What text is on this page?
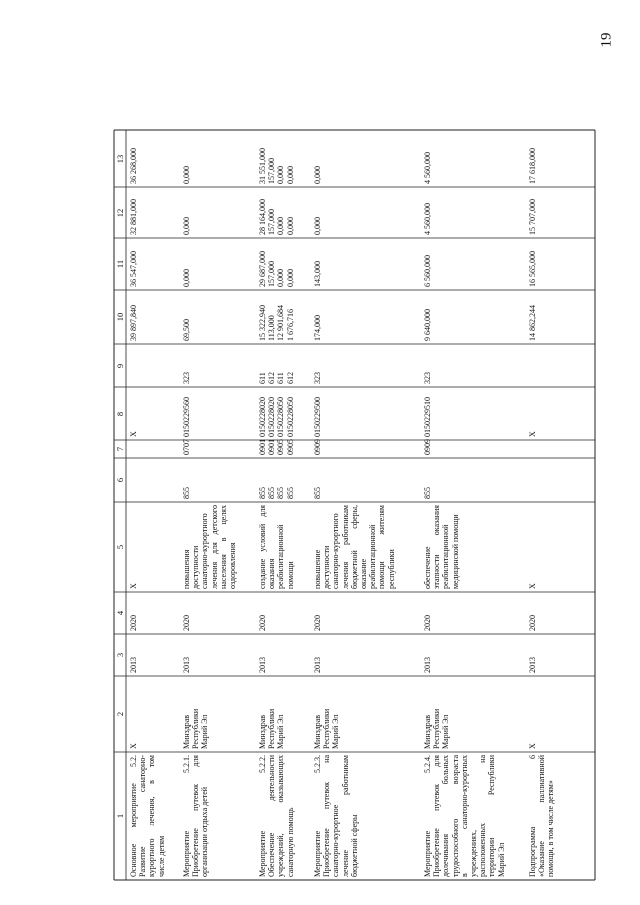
19
1
2
3
4
5
6
7
8
9
10
11
12
13
Основное мероприятие 5.2. Развитие санаторно- курортного лечения, в том числе детям
X
2013
2020
X
X
39 897,840
36 547,000
32 881,000
36 268,000
Мероприятие 5.2.1. Приобретение путевок для организации отдыха детей
Минздрав Республики Марий Эл
2013
2020
повышения доступности санаторно-курортного лечения для детского населения в целях оздоровления
855
0707
0150229560
323
69,500
0,000
0,000
0,000
Мероприятие 5.2.2. Обеспечение деятельности учреждений, оказывающих санаторную помощь
Минздрав Республики Марий Эл
2013
2020
создание условий для оказания реабилитационной помощи
855 855 855 855
0901 0901 0905 0905
0150228020 0150228020 0150228050 0150228050
611 612 611 612
15 322,940 113,000 12 901,684 1 676,716
29 687,000 157,000 0,000 0,000
28 164,000 157,000 0,000 0,000
31 551,000 157,000 0,000 0,000
Мероприятие 5.2.3. Приобретение путевок на санаторно-курортное лечение работникам бюджетной сферы
Минздрав Республики Марий Эл
2013
2020
повышение доступности санаторно-курортного лечения работникам бюджетной сферы, оказание реабилитационной помощи жителям республики
855
0909
0150229500
323
174,000
143,000
0,000
0,000
Мероприятие 5.2.4. Приобретение путевок для долечивания больных трудоспособного возраста в санаторно-курортных учреждениях, расположенных на территории Республики Марий Эл
Минздрав Республики Марий Эл
2013
2020
обеспечение этапности оказания реабилитационной медицинской помощи
855
0909
0150229510
323
9 640,000
6 560,000
4 560,000
4 560,000
Подпрограмма 6 «Оказание паллиативной помощи, в том числе детям»
X
2013
2020
X
X
14 862,244
16 565,000
15 707,000
17 618,000
